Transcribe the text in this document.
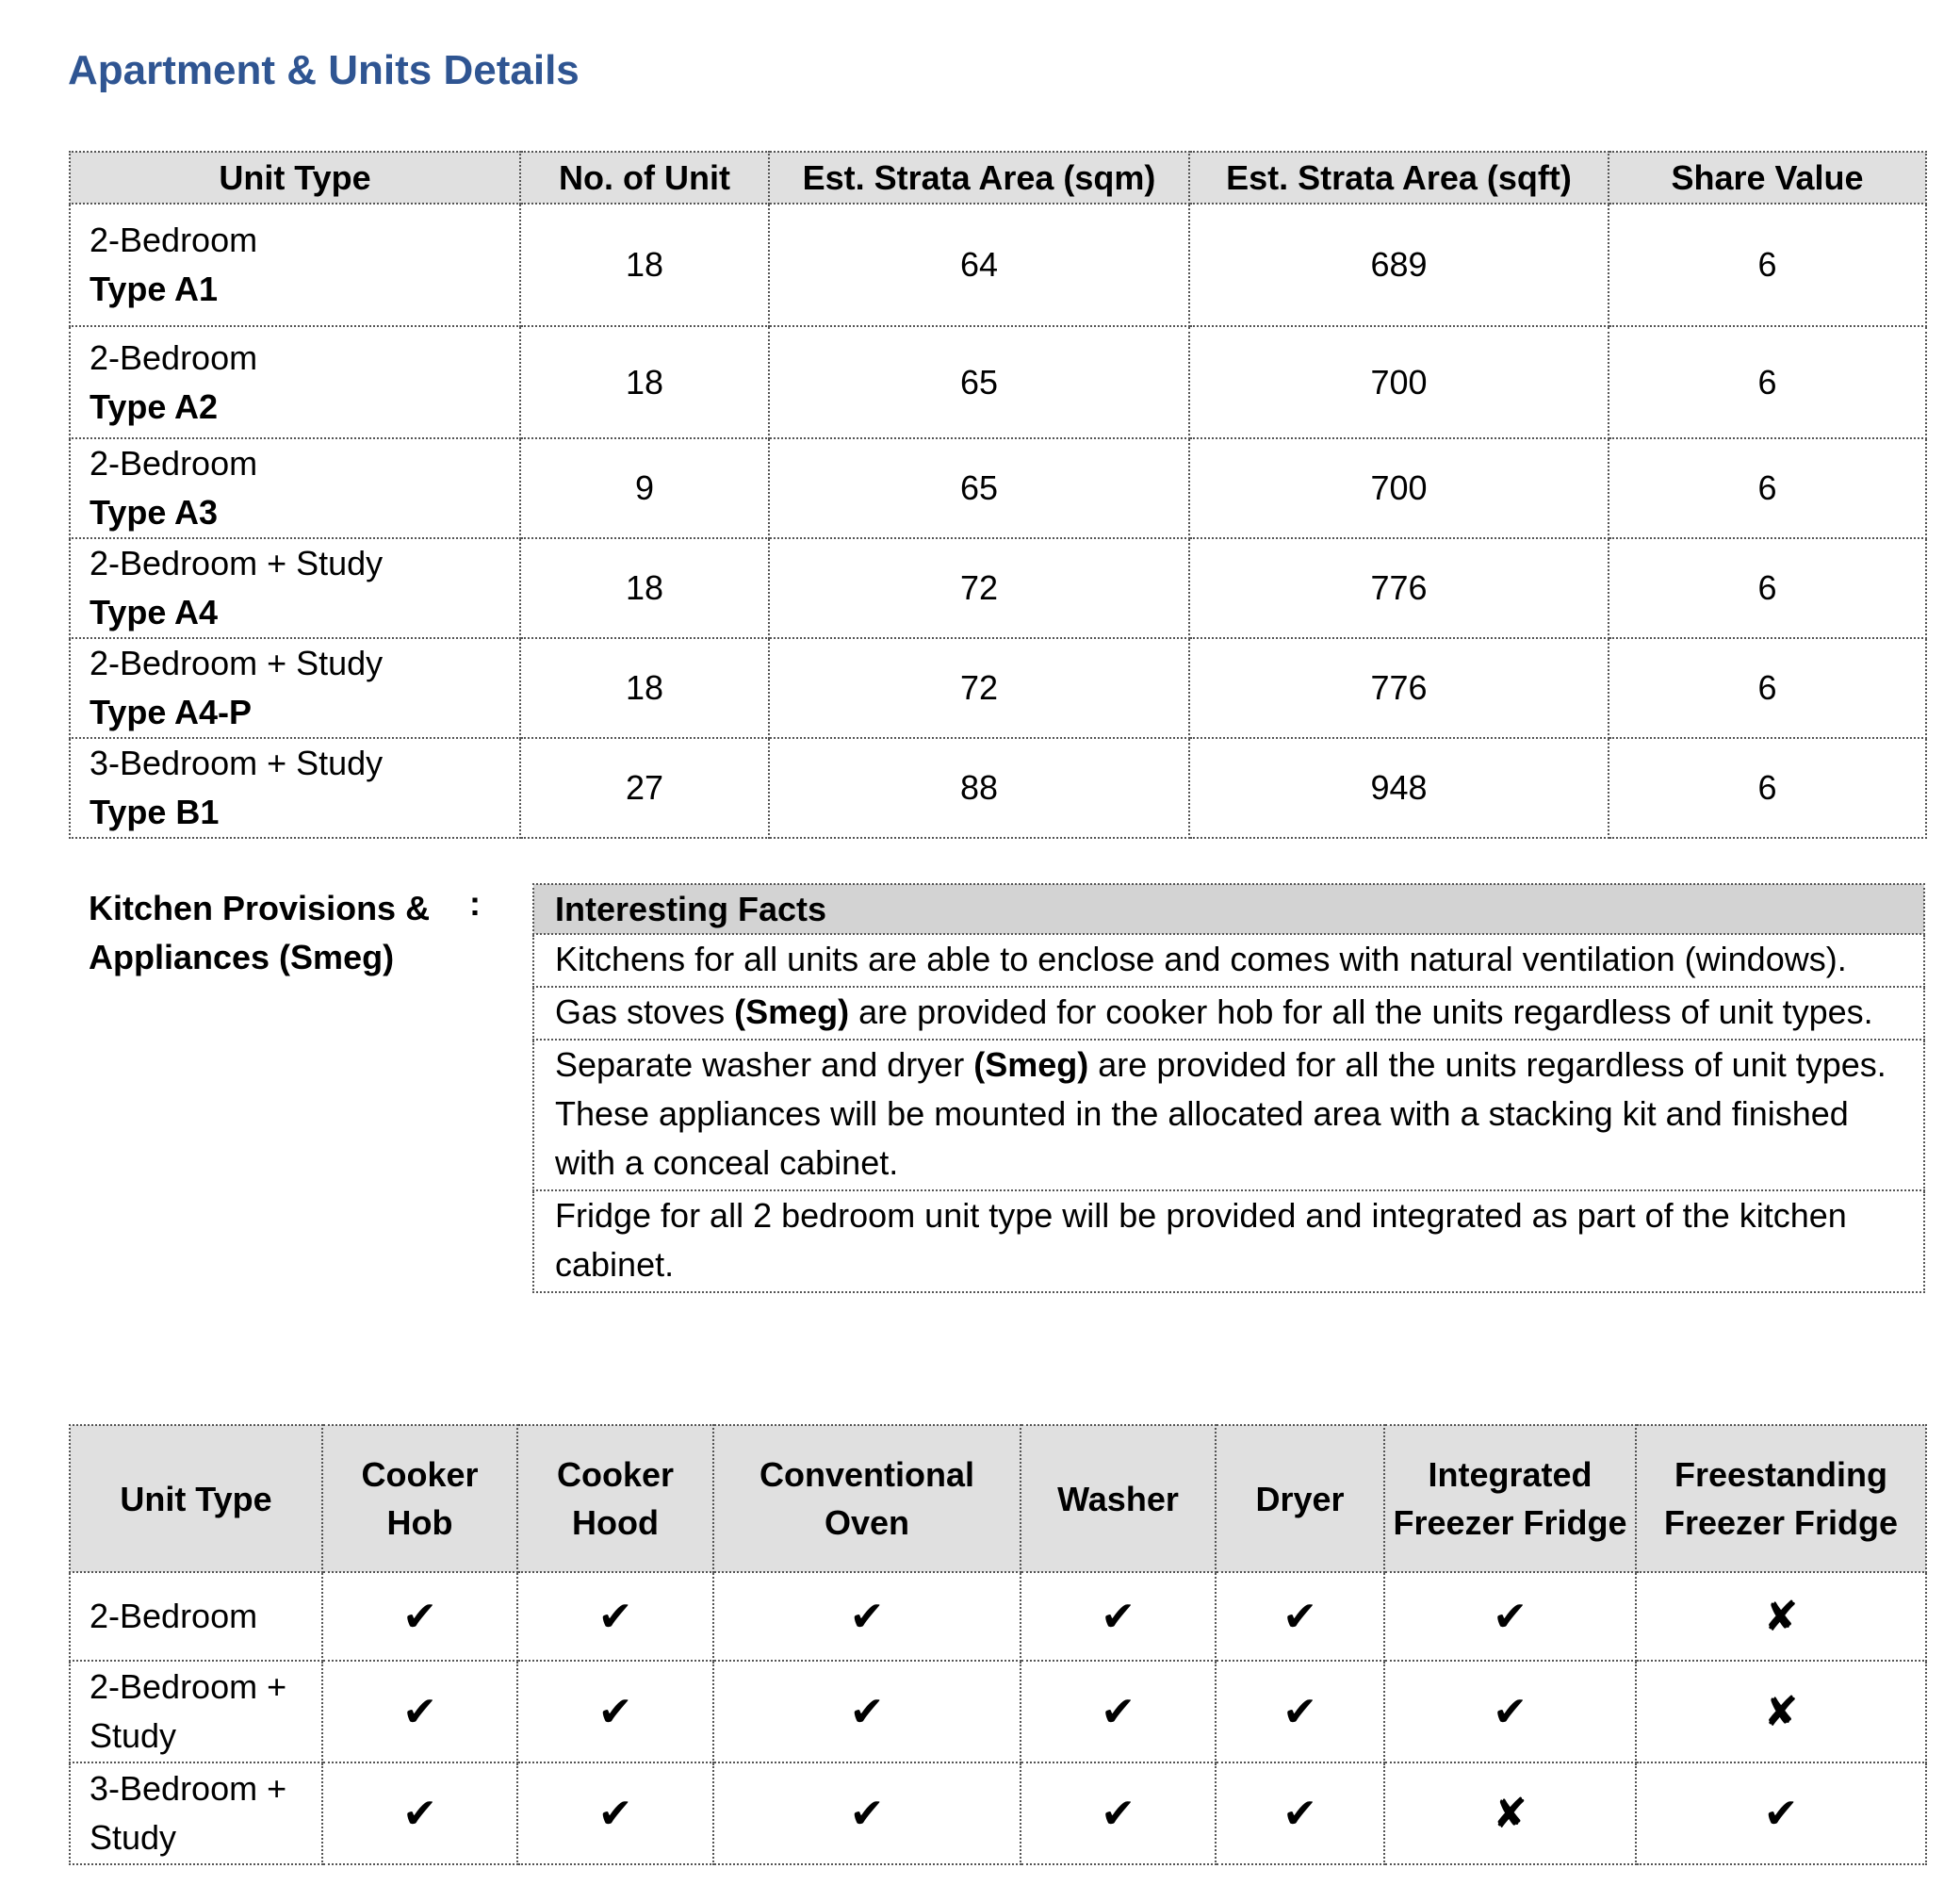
Apartment & Units Details
Unit Type	No. of Unit	Est. Strata Area (sqm)	Est. Strata Area (sqft)	Share Value

2-Bedroom
Type A1	18	64	689	6

2-Bedroom
Type A2	18	65	700	6

2-Bedroom
Type A3	9	65	700	6

2-Bedroom + Study
Type A4	18	72	776	6

2-Bedroom + Study
Type A4-P	18	72	776	6

3-Bedroom + Study
Type B1	27	88	948	6
Kitchen Provisions &
Appliances (Smeg)
: Interesting Facts
Kitchens for all units are able to enclose and comes with natural ventilation (windows).
Gas stoves (Smeg) are provided for cooker hob for all the units regardless of unit types.
Separate washer and dryer (Smeg) are provided for all the units regardless of unit types. These appliances will be mounted in the allocated area with a stacking kit and finished with a conceal cabinet.
Fridge for all 2 bedroom unit type will be provided and integrated as part of the kitchen cabinet.
Unit Type	Cooker Hob	Cooker Hood	Conventional Oven	Washer	Dryer	Integrated Freezer Fridge	Freestanding Freezer Fridge
2-Bedroom	✔	✔	✔	✔	✔	✔	✘
2-Bedroom + Study	✔	✔	✔	✔	✔	✔	✘
3-Bedroom + Study	✔	✔	✔	✔	✔	✘	✔
